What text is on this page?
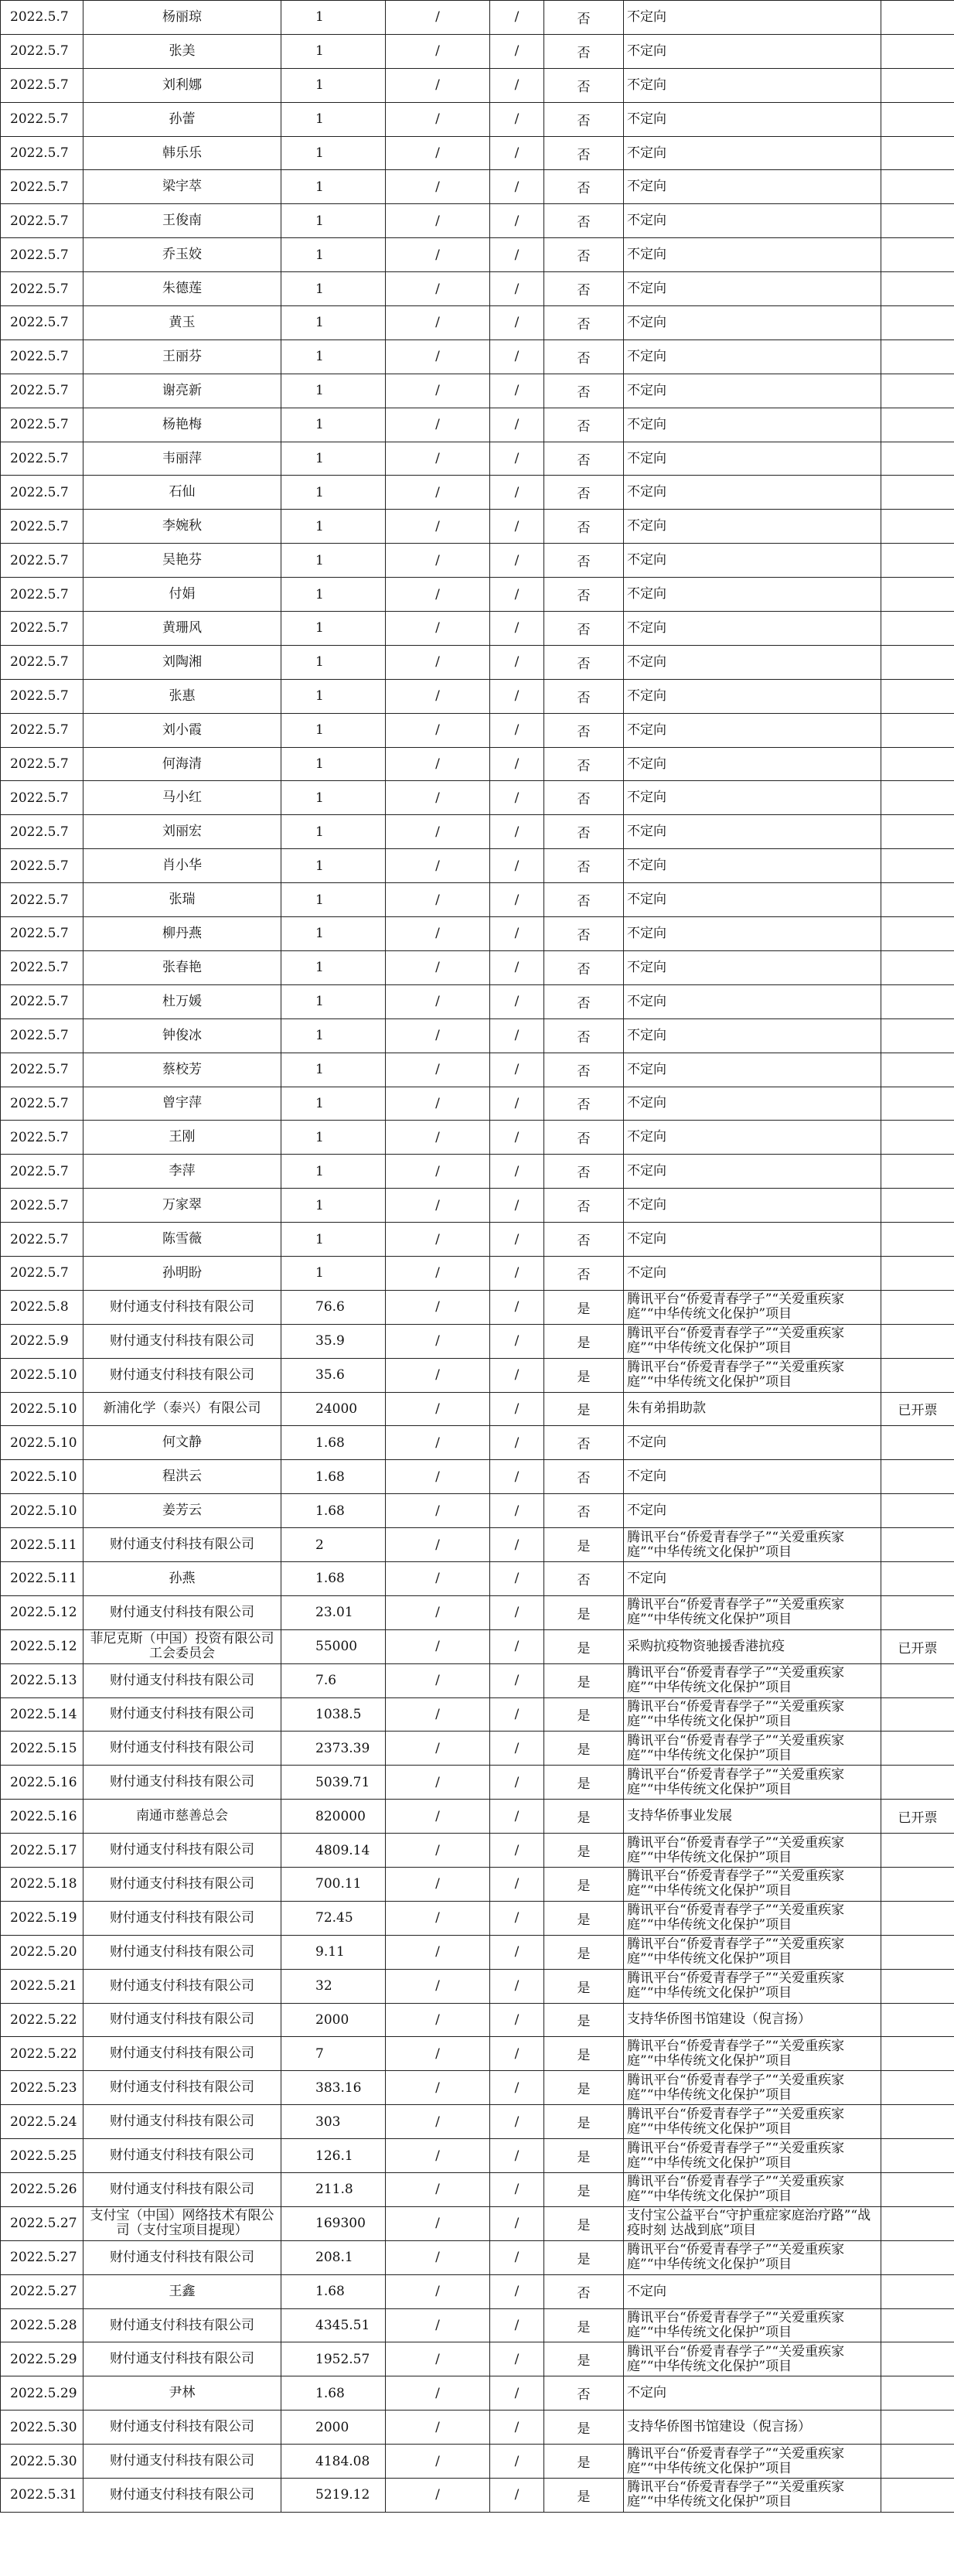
2022.5.7	杨丽琼	1	/	/	否	不定向	

2022.5.7	张美	1	/	/	否	不定向	

2022.5.7	刘利娜	1	/	/	否	不定向	

2022.5.7	孙蕾	1	/	/	否	不定向	

2022.5.7	韩乐乐	1	/	/	否	不定向	

2022.5.7	梁宇萃	1	/	/	否	不定向	

2022.5.7	王俊南	1	/	/	否	不定向	

2022.5.7	乔玉姣	1	/	/	否	不定向	

2022.5.7	朱德莲	1	/	/	否	不定向	

2022.5.7	黄玉	1	/	/	否	不定向	

2022.5.7	王丽芬	1	/	/	否	不定向	

2022.5.7	谢亮新	1	/	/	否	不定向	

2022.5.7	杨艳梅	1	/	/	否	不定向	

2022.5.7	韦丽萍	1	/	/	否	不定向	

2022.5.7	石仙	1	/	/	否	不定向	

2022.5.7	李婉秋	1	/	/	否	不定向	

2022.5.7	吴艳芬	1	/	/	否	不定向	

2022.5.7	付娟	1	/	/	否	不定向	

2022.5.7	黄珊风	1	/	/	否	不定向	

2022.5.7	刘陶湘	1	/	/	否	不定向	

2022.5.7	张惠	1	/	/	否	不定向	

2022.5.7	刘小霞	1	/	/	否	不定向	

2022.5.7	何海清	1	/	/	否	不定向	

2022.5.7	马小红	1	/	/	否	不定向	

2022.5.7	刘丽宏	1	/	/	否	不定向	

2022.5.7	肖小华	1	/	/	否	不定向	

2022.5.7	张瑞	1	/	/	否	不定向	

2022.5.7	柳丹燕	1	/	/	否	不定向	

2022.5.7	张春艳	1	/	/	否	不定向	

2022.5.7	杜万媛	1	/	/	否	不定向	

2022.5.7	钟俊冰	1	/	/	否	不定向	

2022.5.7	蔡校芳	1	/	/	否	不定向	

2022.5.7	曾宇萍	1	/	/	否	不定向	

2022.5.7	王刚	1	/	/	否	不定向	

2022.5.7	李萍	1	/	/	否	不定向	

2022.5.7	万家翠	1	/	/	否	不定向	

2022.5.7	陈雪薇	1	/	/	否	不定向	

2022.5.7	孙明盼	1	/	/	否	不定向	

2022.5.8	财付通支付科技有限公司	76.6	/	/	是	腾讯平台“侨爱青春学子”“关爱重疾家庭”“中华传统文化保护”项目	

2022.5.9	财付通支付科技有限公司	35.9	/	/	是	腾讯平台“侨爱青春学子”“关爱重疾家庭”“中华传统文化保护”项目	

2022.5.10	财付通支付科技有限公司	35.6	/	/	是	腾讯平台“侨爱青春学子”“关爱重疾家庭”“中华传统文化保护”项目	

2022.5.10	新浦化学（泰兴）有限公司	24000	/	/	是	朱有弟捐助款	已开票
2022.5.10	何文静	1.68	/	/	否	不定向	

2022.5.10	程洪云	1.68	/	/	否	不定向	

2022.5.10	姜芳云	1.68	/	/	否	不定向	

2022.5.11	财付通支付科技有限公司	2	/	/	是	腾讯平台“侨爱青春学子”“关爱重疾家庭”“中华传统文化保护”项目	

2022.5.11	孙燕	1.68	/	/	否	不定向	

2022.5.12	财付通支付科技有限公司	23.01	/	/	是	腾讯平台“侨爱青春学子”“关爱重疾家庭”“中华传统文化保护”项目	

2022.5.12	菲尼克斯（中国）投资有限公司工会委员会	55000	/	/	是	采购抗疫物资驰援香港抗疫	已开票
2022.5.13	财付通支付科技有限公司	7.6	/	/	是	腾讯平台“侨爱青春学子”“关爱重疾家庭”“中华传统文化保护”项目	

2022.5.14	财付通支付科技有限公司	1038.5	/	/	是	腾讯平台“侨爱青春学子”“关爱重疾家庭”“中华传统文化保护”项目	

2022.5.15	财付通支付科技有限公司	2373.39	/	/	是	腾讯平台“侨爱青春学子”“关爱重疾家庭”“中华传统文化保护”项目	

2022.5.16	财付通支付科技有限公司	5039.71	/	/	是	腾讯平台“侨爱青春学子”“关爱重疾家庭”“中华传统文化保护”项目	

2022.5.16	南通市慈善总会	820000	/	/	是	支持华侨事业发展	已开票
2022.5.17	财付通支付科技有限公司	4809.14	/	/	是	腾讯平台“侨爱青春学子”“关爱重疾家庭”“中华传统文化保护”项目	

2022.5.18	财付通支付科技有限公司	700.11	/	/	是	腾讯平台“侨爱青春学子”“关爱重疾家庭”“中华传统文化保护”项目	

2022.5.19	财付通支付科技有限公司	72.45	/	/	是	腾讯平台“侨爱青春学子”“关爱重疾家庭”“中华传统文化保护”项目	

2022.5.20	财付通支付科技有限公司	9.11	/	/	是	腾讯平台“侨爱青春学子”“关爱重疾家庭”“中华传统文化保护”项目	

2022.5.21	财付通支付科技有限公司	32	/	/	是	腾讯平台“侨爱青春学子”“关爱重疾家庭”“中华传统文化保护”项目	

2022.5.22	财付通支付科技有限公司	2000	/	/	是	支持华侨图书馆建设（倪言扬）	

2022.5.22	财付通支付科技有限公司	7	/	/	是	腾讯平台“侨爱青春学子”“关爱重疾家庭”“中华传统文化保护”项目	

2022.5.23	财付通支付科技有限公司	383.16	/	/	是	腾讯平台“侨爱青春学子”“关爱重疾家庭”“中华传统文化保护”项目	

2022.5.24	财付通支付科技有限公司	303	/	/	是	腾讯平台“侨爱青春学子”“关爱重疾家庭”“中华传统文化保护”项目	

2022.5.25	财付通支付科技有限公司	126.1	/	/	是	腾讯平台“侨爱青春学子”“关爱重疾家庭”“中华传统文化保护”项目	

2022.5.26	财付通支付科技有限公司	211.8	/	/	是	腾讯平台“侨爱青春学子”“关爱重疾家庭”“中华传统文化保护”项目	

2022.5.27	支付宝（中国）网络技术有限公司（支付宝项目提现）	169300	/	/	是	支付宝公益平台“守护重症家庭治疗路”“战疫时刻 达战到底”项目	

2022.5.27	财付通支付科技有限公司	208.1	/	/	是	腾讯平台“侨爱青春学子”“关爱重疾家庭”“中华传统文化保护”项目	

2022.5.27	王鑫	1.68	/	/	否	不定向	

2022.5.28	财付通支付科技有限公司	4345.51	/	/	是	腾讯平台“侨爱青春学子”“关爱重疾家庭”“中华传统文化保护”项目	

2022.5.29	财付通支付科技有限公司	1952.57	/	/	是	腾讯平台“侨爱青春学子”“关爱重疾家庭”“中华传统文化保护”项目	

2022.5.29	尹林	1.68	/	/	否	不定向	

2022.5.30	财付通支付科技有限公司	2000	/	/	是	支持华侨图书馆建设（倪言扬）	

2022.5.30	财付通支付科技有限公司	4184.08	/	/	是	腾讯平台“侨爱青春学子”“关爱重疾家庭”“中华传统文化保护”项目	

2022.5.31	财付通支付科技有限公司	5219.12	/	/	是	腾讯平台“侨爱青春学子”“关爱重疾家庭”“中华传统文化保护”项目	
